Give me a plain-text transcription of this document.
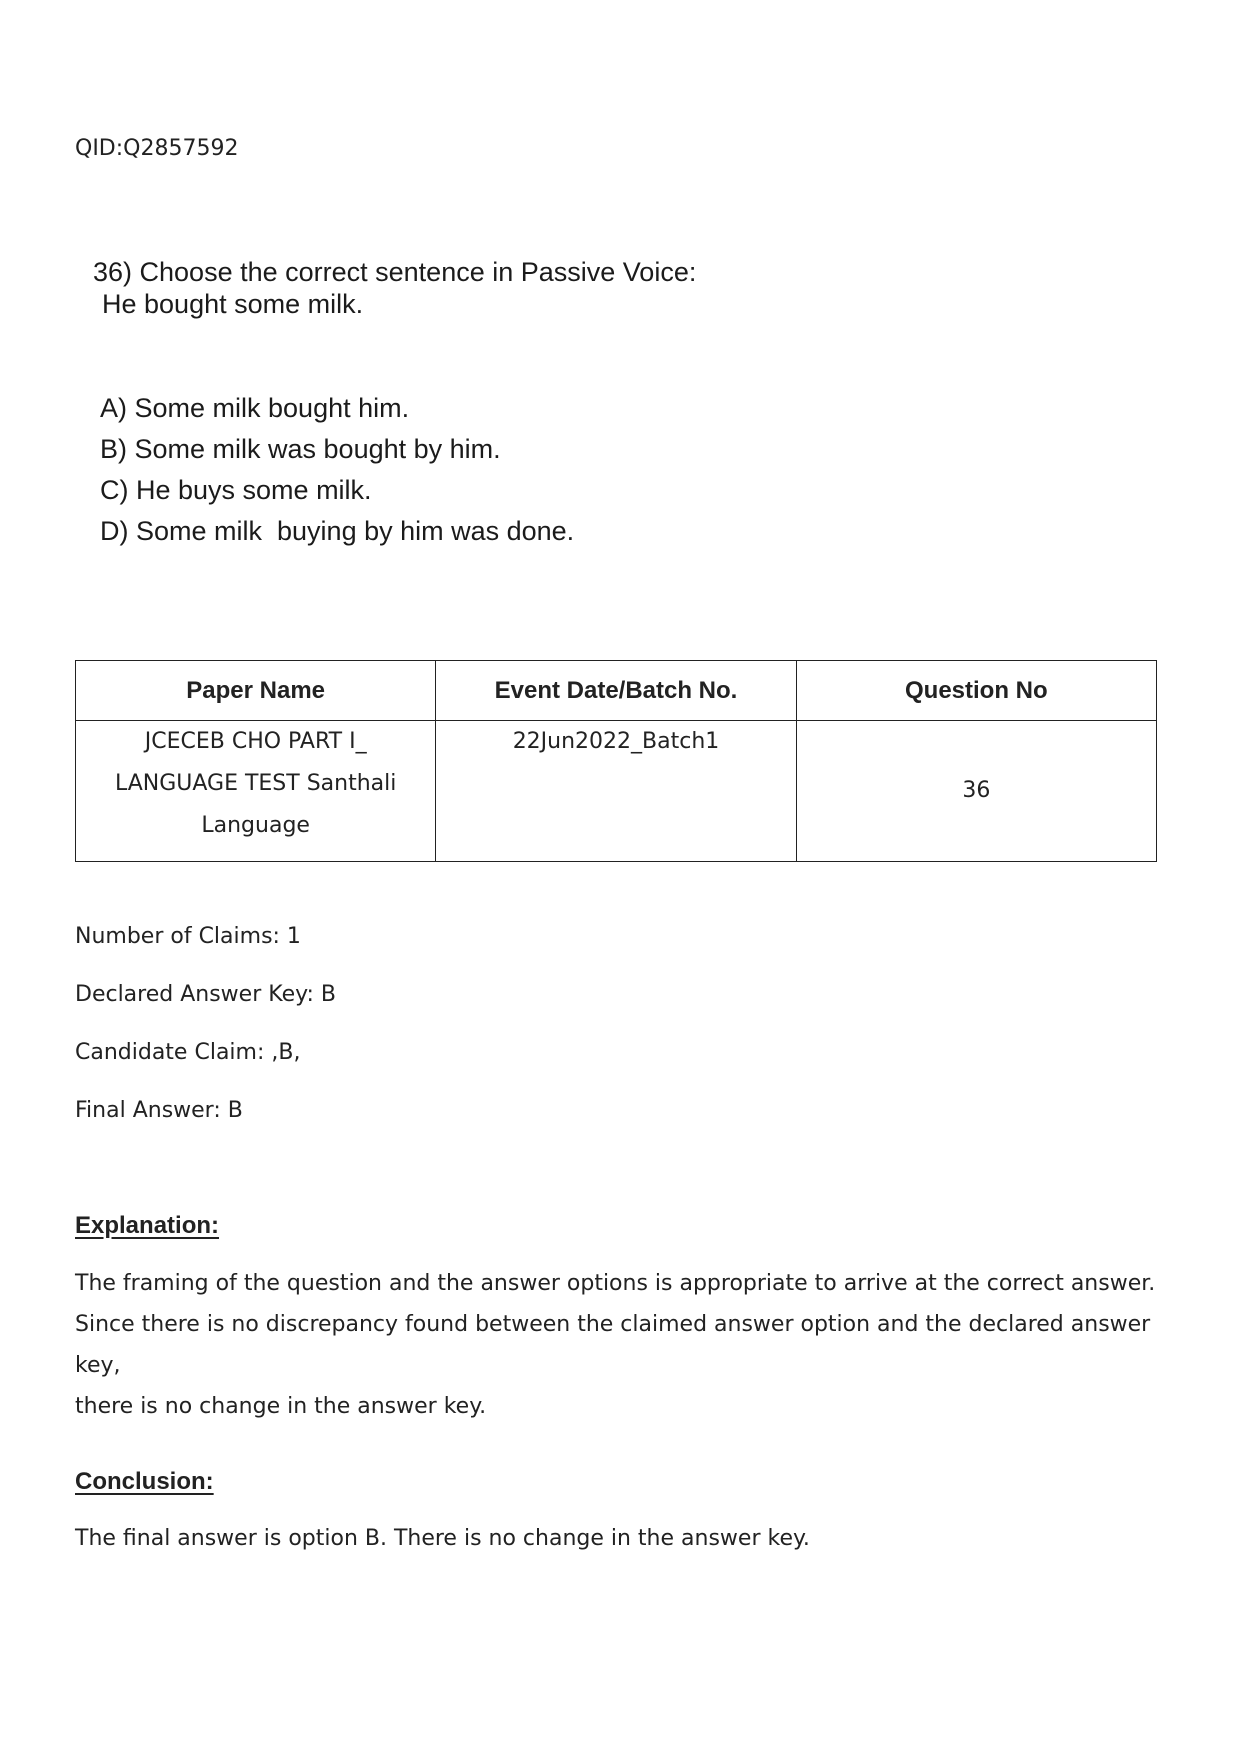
QID:Q2857592

36) Choose the correct sentence in Passive Voice:

He bought some milk.

A) Some milk bought him.
B) Some milk was bought by him.
C) He buys some milk.
D) Some milk  buying by him was done.
Paper Name	Event Date/Batch No.	Question No

JCECEB CHO PART I_
LANGUAGE TEST Santhali
Language	22Jun2022_Batch1	36
Number of Claims: 1
Declared Answer Key: B
Candidate Claim: ,B,
Final Answer: B
Explanation:
The framing of the question and the answer options is appropriate to arrive at the correct answer.
Since there is no discrepancy found between the claimed answer option and the declared answer key,
there is no change in the answer key.
Conclusion:
The final answer is option B. There is no change in the answer key.
